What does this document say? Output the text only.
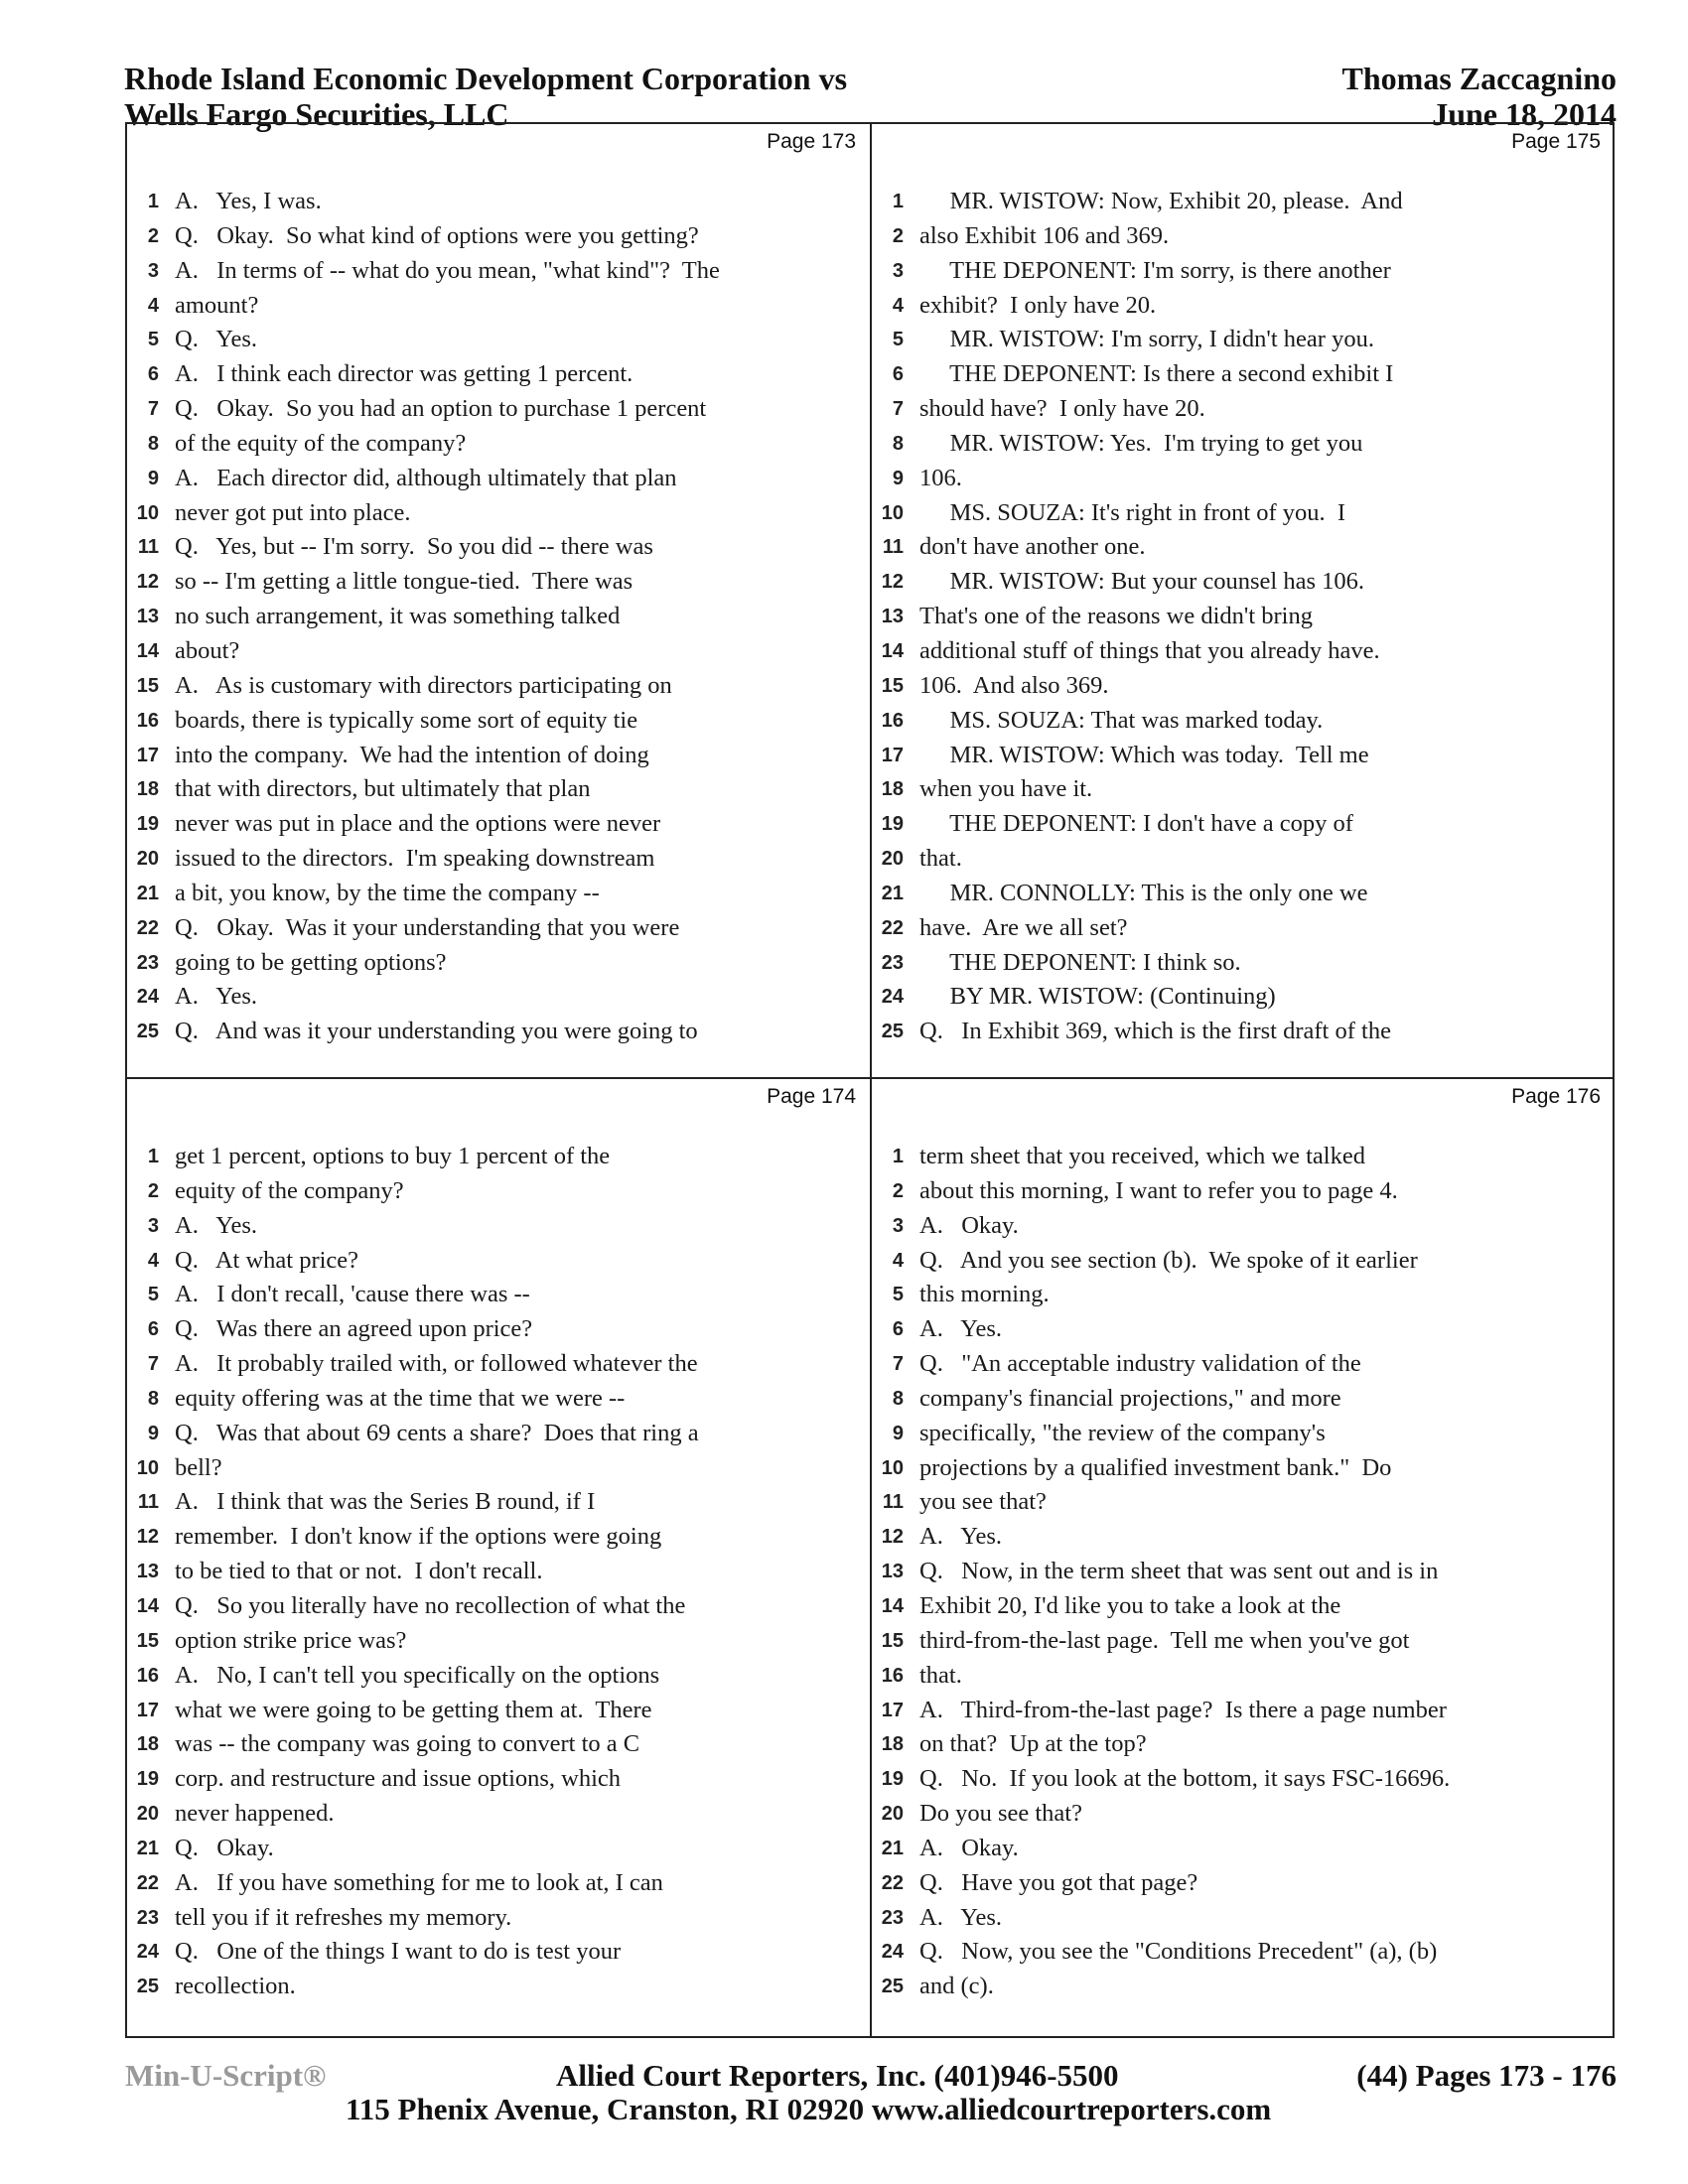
Rhode Island Economic Development Corporation vs
Wells Fargo Securities, LLC
Thomas Zaccagnino
June 18, 2014
Page 173
1 A.   Yes, I was.
2 Q.   Okay.  So what kind of options were you getting?
3 A.   In terms of -- what do you mean, "what kind"?  The
4 amount?
5 Q.   Yes.
6 A.   I think each director was getting 1 percent.
7 Q.   Okay.  So you had an option to purchase 1 percent
8 of the equity of the company?
9 A.   Each director did, although ultimately that plan
10 never got put into place.
11 Q.   Yes, but -- I'm sorry.  So you did -- there was
12 so -- I'm getting a little tongue-tied.  There was
13 no such arrangement, it was something talked
14 about?
15 A.   As is customary with directors participating on
16 boards, there is typically some sort of equity tie
17 into the company.  We had the intention of doing
18 that with directors, but ultimately that plan
19 never was put in place and the options were never
20 issued to the directors.  I'm speaking downstream
21 a bit, you know, by the time the company --
22 Q.   Okay.  Was it your understanding that you were
23 going to be getting options?
24 A.   Yes.
25 Q.   And was it your understanding you were going to
Page 175
1 MR. WISTOW: Now, Exhibit 20, please.  And
2 also Exhibit 106 and 369.
3 THE DEPONENT: I'm sorry, is there another
4 exhibit?  I only have 20.
5 MR. WISTOW: I'm sorry, I didn't hear you.
6 THE DEPONENT: Is there a second exhibit I
7 should have?  I only have 20.
8 MR. WISTOW: Yes.  I'm trying to get you
9 106.
10 MS. SOUZA: It's right in front of you.  I
11 don't have another one.
12 MR. WISTOW: But your counsel has 106.
13 That's one of the reasons we didn't bring
14 additional stuff of things that you already have.
15 106.  And also 369.
16 MS. SOUZA: That was marked today.
17 MR. WISTOW: Which was today.  Tell me
18 when you have it.
19 THE DEPONENT: I don't have a copy of
20 that.
21 MR. CONNOLLY: This is the only one we
22 have.  Are we all set?
23 THE DEPONENT: I think so.
24 BY MR. WISTOW: (Continuing)
25 Q.   In Exhibit 369, which is the first draft of the
Page 174
1 get 1 percent, options to buy 1 percent of the
2 equity of the company?
3 A.   Yes.
4 Q.   At what price?
5 A.   I don't recall, 'cause there was --
6 Q.   Was there an agreed upon price?
7 A.   It probably trailed with, or followed whatever the
8 equity offering was at the time that we were --
9 Q.   Was that about 69 cents a share?  Does that ring a
10 bell?
11 A.   I think that was the Series B round, if I
12 remember.  I don't know if the options were going
13 to be tied to that or not.  I don't recall.
14 Q.   So you literally have no recollection of what the
15 option strike price was?
16 A.   No, I can't tell you specifically on the options
17 what we were going to be getting them at.  There
18 was -- the company was going to convert to a C
19 corp. and restructure and issue options, which
20 never happened.
21 Q.   Okay.
22 A.   If you have something for me to look at, I can
23 tell you if it refreshes my memory.
24 Q.   One of the things I want to do is test your
25 recollection.
Page 176
1 term sheet that you received, which we talked
2 about this morning, I want to refer you to page 4.
3 A.   Okay.
4 Q.   And you see section (b).  We spoke of it earlier
5 this morning.
6 A.   Yes.
7 Q.   "An acceptable industry validation of the
8 company's financial projections," and more
9 specifically, "the review of the company's
10 projections by a qualified investment bank."  Do
11 you see that?
12 A.   Yes.
13 Q.   Now, in the term sheet that was sent out and is in
14 Exhibit 20, I'd like you to take a look at the
15 third-from-the-last page.  Tell me when you've got
16 that.
17 A.   Third-from-the-last page?  Is there a page number
18 on that?  Up at the top?
19 Q.   No.  If you look at the bottom, it says FSC-16696.
20 Do you see that?
21 A.   Okay.
22 Q.   Have you got that page?
23 A.   Yes.
24 Q.   Now, you see the "Conditions Precedent" (a), (b)
25 and (c).
Min-U-Script®	Allied Court Reporters, Inc. (401)946-5500	(44) Pages 173 - 176
115 Phenix Avenue, Cranston, RI 02920 www.alliedcourtreporters.com
